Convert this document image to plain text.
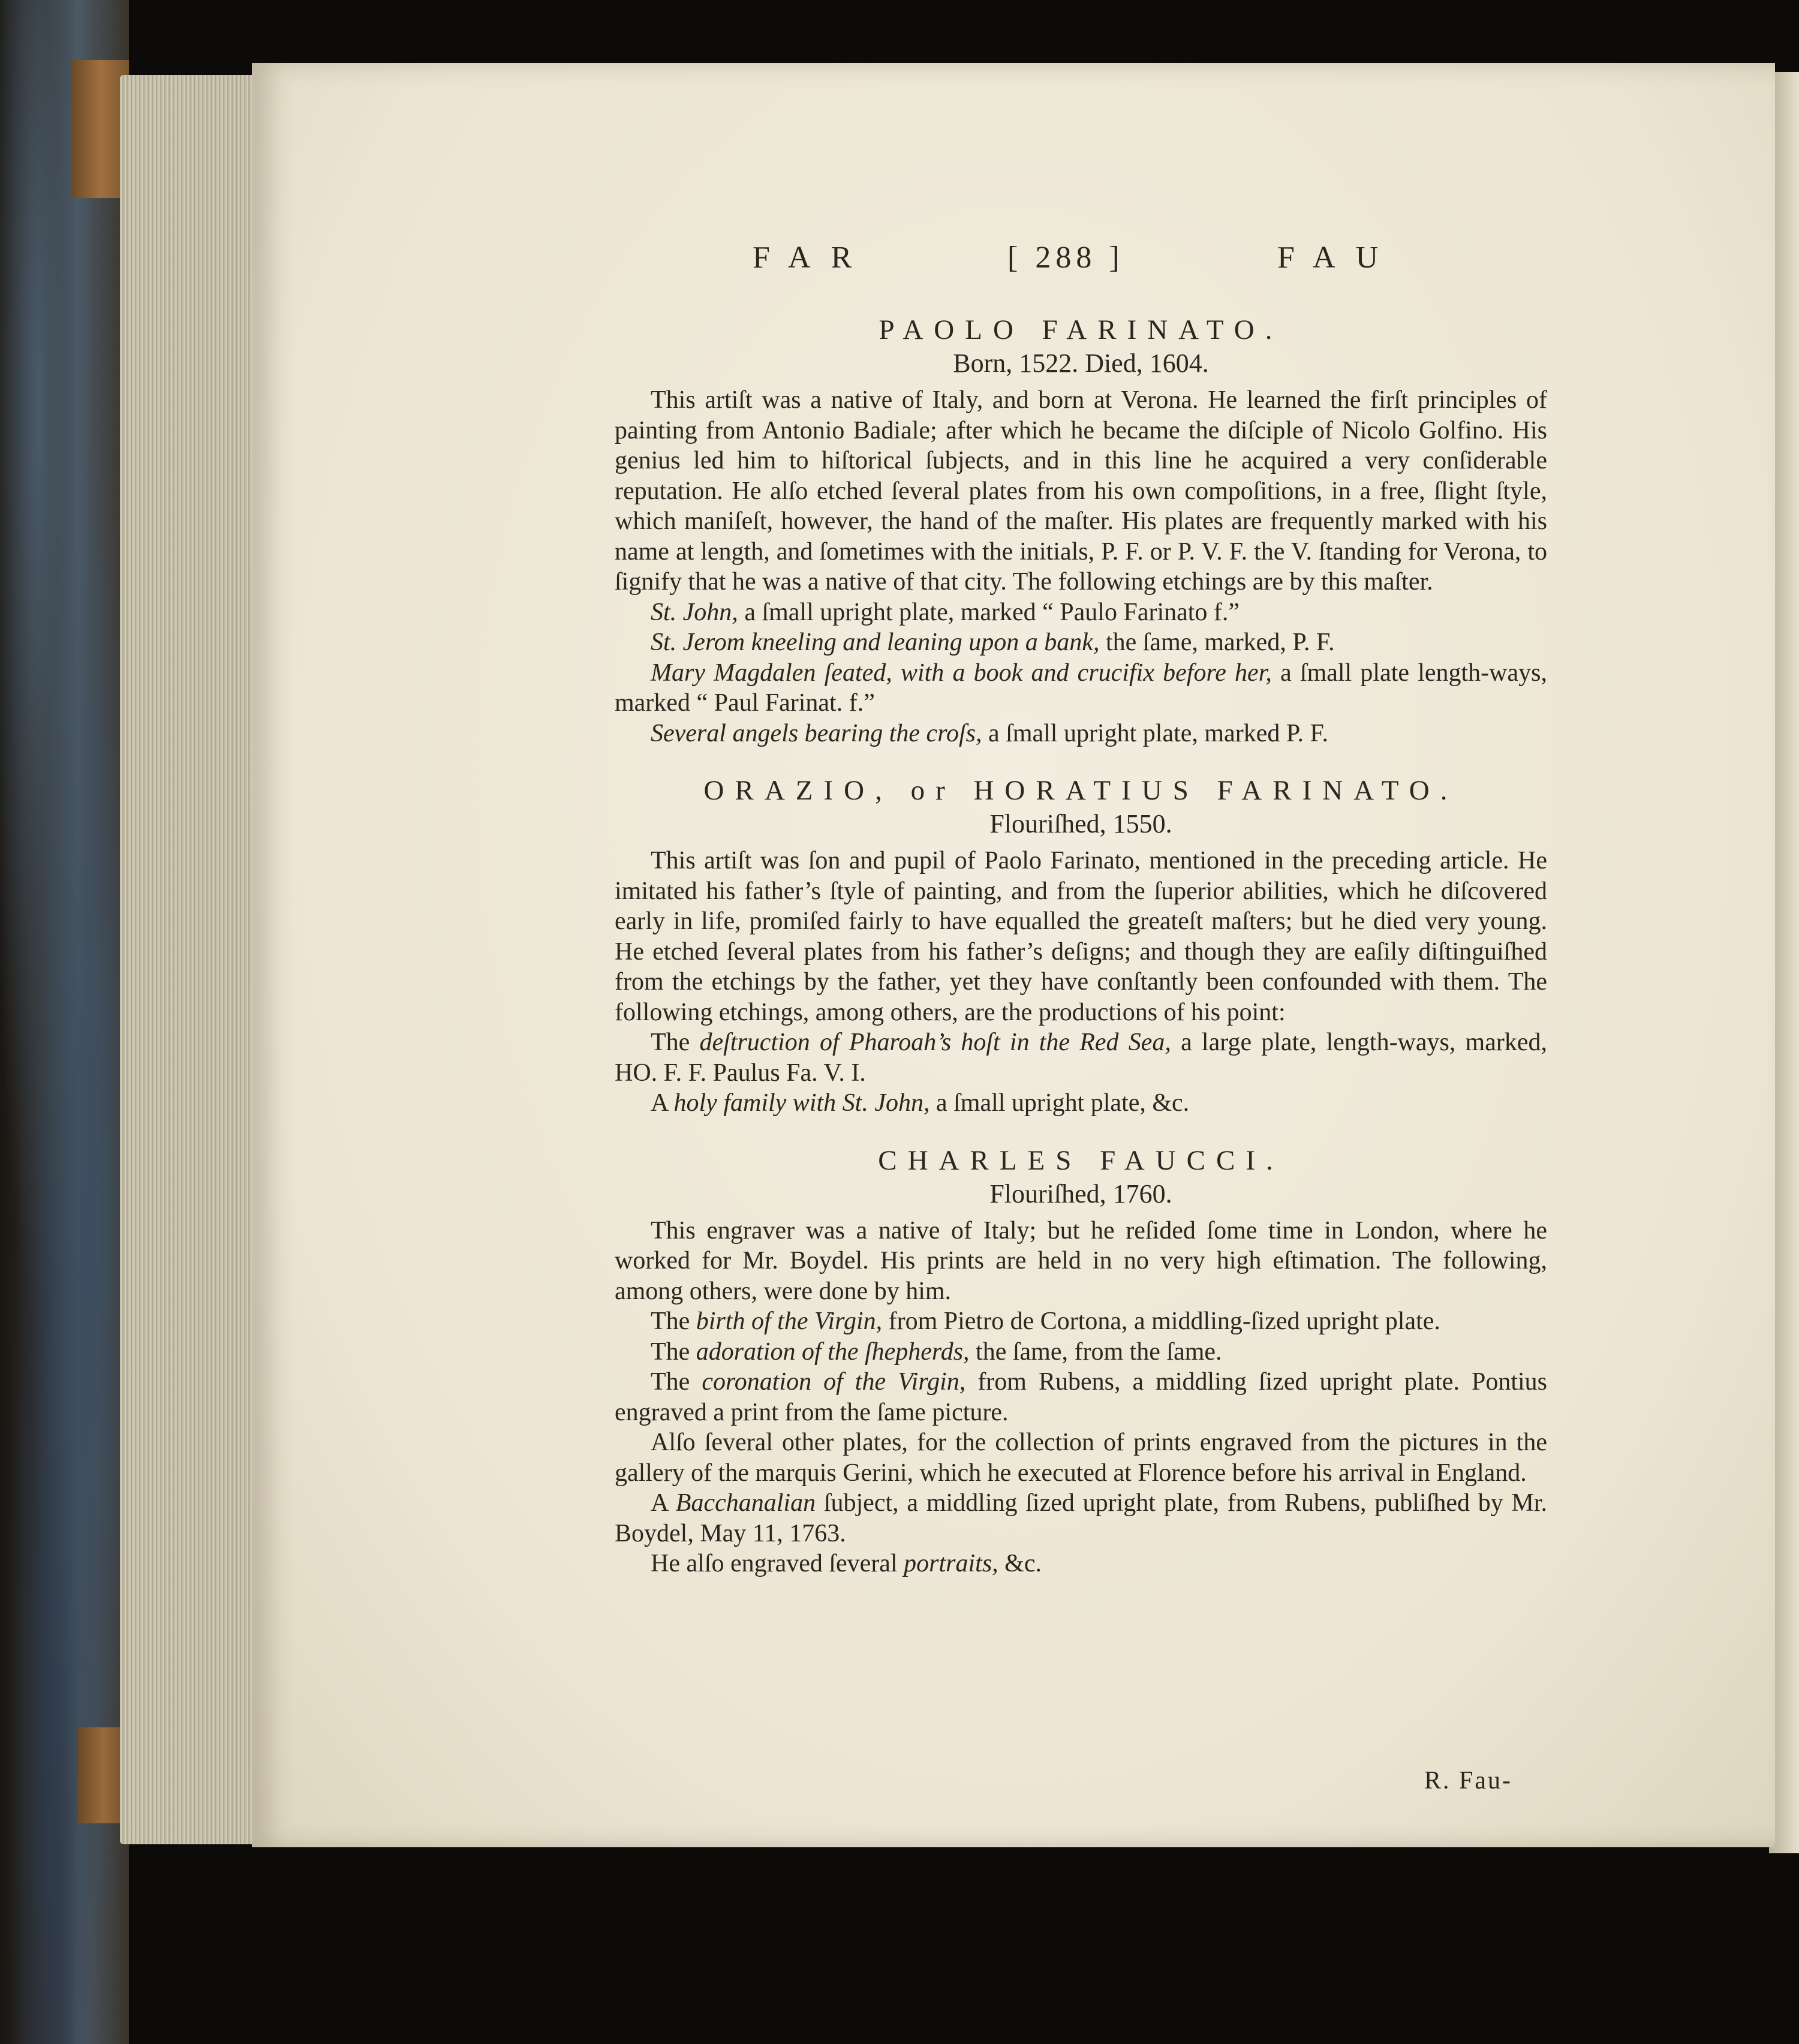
FAR	[ 288 ]	FAU
PAOLO FARINATO.
Born, 1522. Died, 1604.

This artiſt was a native of Italy, and born at Verona. He learned the firſt principles of painting from Antonio Badiale; after which he became the diſciple of Nicolo Golfino. His genius led him to hiſtorical ſubjects, and in this line he acquired a very conſiderable reputation. He alſo etched ſeveral plates from his own compoſitions, in a free, ſlight ſtyle, which maniſeſt, however, the hand of the maſter. His plates are frequently marked with his name at length, and ſometimes with the initials, P. F. or P. V. F. the V. ſtanding for Verona, to ſignify that he was a native of that city. The following etchings are by this maſter.

St. John, a ſmall upright plate, marked “ Paulo Farinato f.”

St. Jerom kneeling and leaning upon a bank, the ſame, marked, P. F.

Mary Magdalen ſeated, with a book and crucifix before her, a ſmall plate length-ways, marked “ Paul Farinat. f.”

Several angels bearing the croſs, a ſmall upright plate, marked P. F.

ORAZIO, or HORATIUS FARINATO.
Flouriſhed, 1550.

This artiſt was ſon and pupil of Paolo Farinato, mentioned in the preceding article. He imitated his father’s ſtyle of painting, and from the ſuperior abilities, which he diſcovered early in life, promiſed fairly to have equalled the greateſt maſters; but he died very young. He etched ſeveral plates from his father’s deſigns; and though they are eaſily diſtinguiſhed from the etchings by the father, yet they have conſtantly been confounded with them. The following etchings, among others, are the productions of his point:

The deſtruction of Pharoah’s hoſt in the Red Sea, a large plate, length-ways, marked, HO. F. F. Paulus Fa. V. I.

A holy family with St. John, a ſmall upright plate, &c.

CHARLES FAUCCI.
Flouriſhed, 1760.

This engraver was a native of Italy; but he reſided ſome time in London, where he worked for Mr. Boydel. His prints are held in no very high eſtimation. The following, among others, were done by him.

The birth of the Virgin, from Pietro de Cortona, a middling-ſized upright plate.

The adoration of the ſhepherds, the ſame, from the ſame.

The coronation of the Virgin, from Rubens, a middling ſized upright plate. Pontius engraved a print from the ſame picture.

Alſo ſeveral other plates, for the collection of prints engraved from the pictures in the gallery of the marquis Gerini, which he executed at Florence before his arrival in England.

A Bacchanalian ſubject, a middling ſized upright plate, from Rubens, publiſhed by Mr. Boydel, May 11, 1763.

He alſo engraved ſeveral portraits, &c.

R. Fau-
